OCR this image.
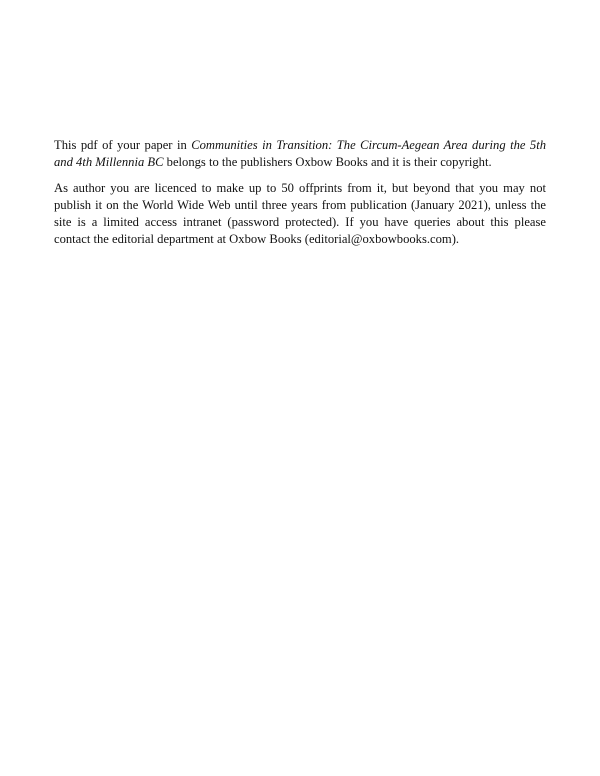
This pdf of your paper in Communities in Transition: The Circum-Aegean Area during the 5th and 4th Millennia BC belongs to the publishers Oxbow Books and it is their copyright.

As author you are licenced to make up to 50 offprints from it, but beyond that you may not publish it on the World Wide Web until three years from publication (January 2021), unless the site is a limited access intranet (password protected). If you have queries about this please contact the editorial department at Oxbow Books (editorial@oxbowbooks.com).
